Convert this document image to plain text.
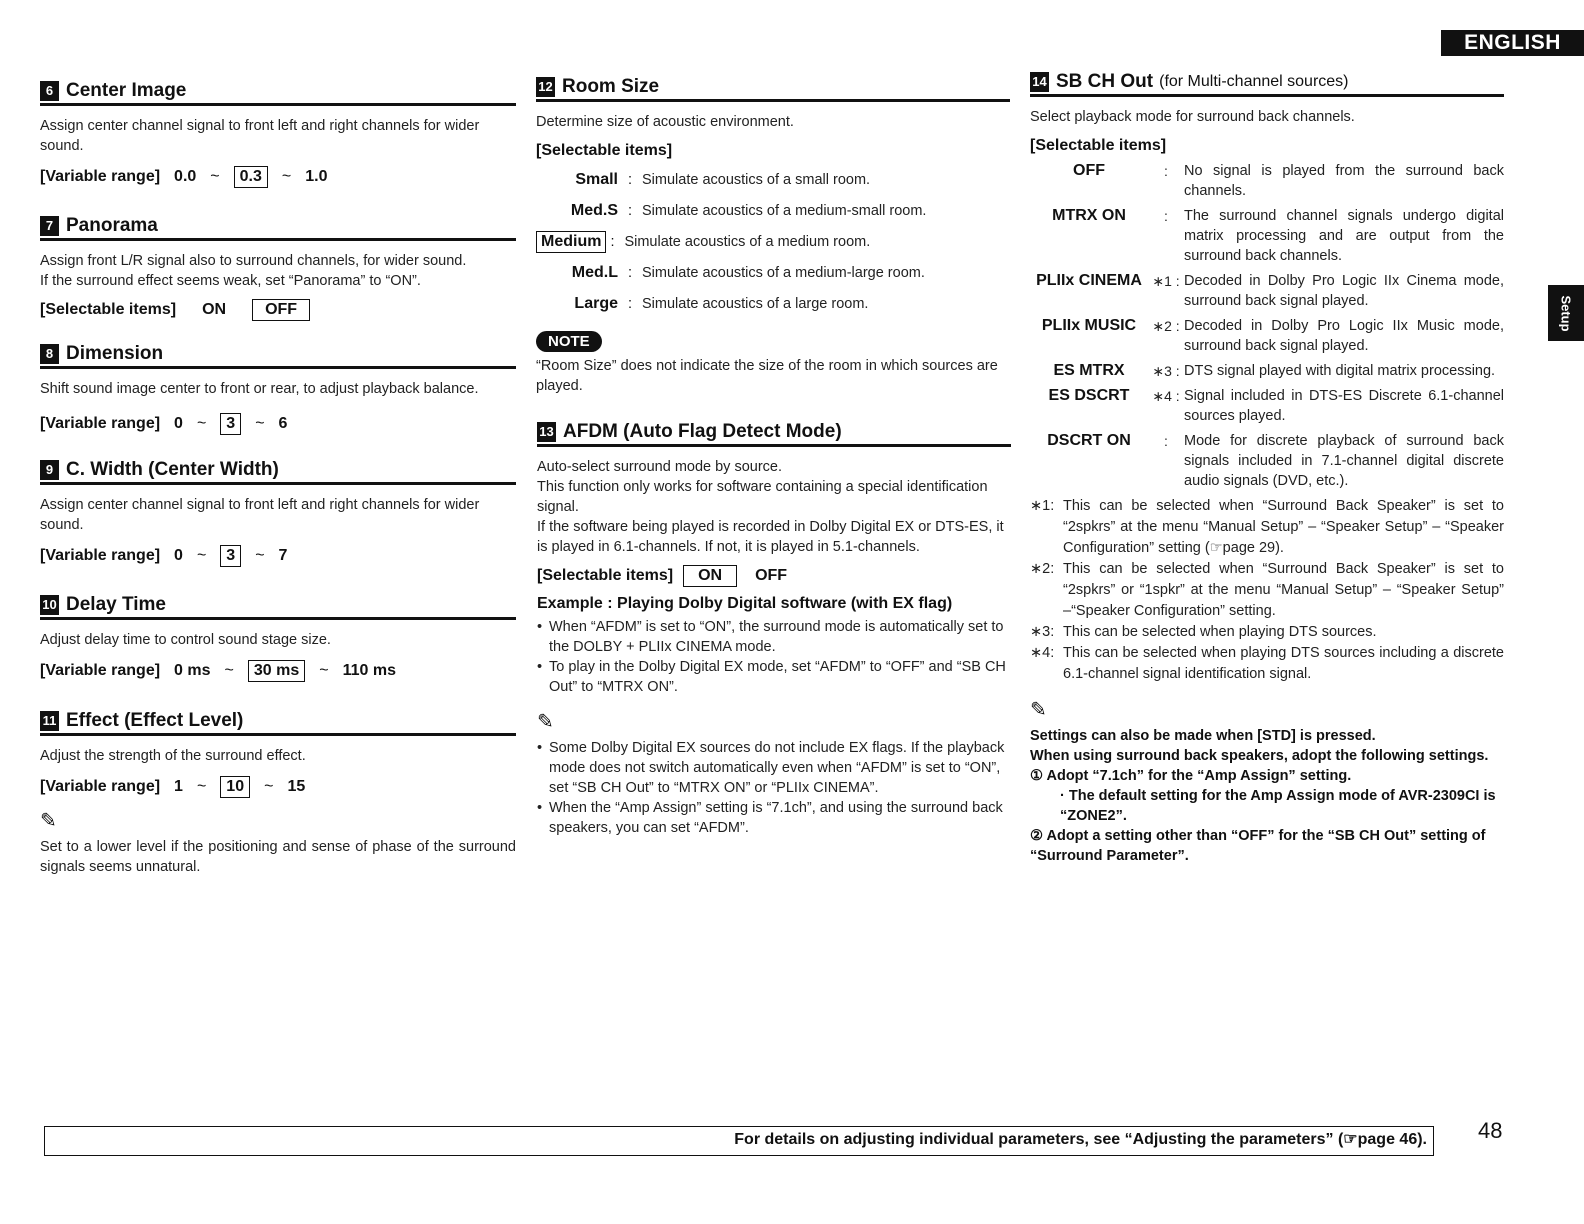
ENGLISH
Setup
6 Center Image
Assign center channel signal to front left and right channels for wider sound.
[Variable range] 0.0 ~	0.3	~ 1.0
7 Panorama
Assign front L/R signal also to surround channels, for wider sound.
If the surround effect seems weak, set “Panorama” to “ON”.
[Selectable items] ON	OFF
8 Dimension
Shift sound image center to front or rear, to adjust playback balance.
[Variable range] 0 ~	3	~ 6
9 C. Width (Center Width)
Assign center channel signal to front left and right channels for wider sound.
[Variable range] 0 ~	3	~ 7
10 Delay Time
Adjust delay time to control sound stage size.
[Variable range] 0 ms ~	30 ms	~ 110 ms
11 Effect (Effect Level)
Adjust the strength of the surround effect.
[Variable range] 1 ~	10	~ 15
✎
Set to a lower level if the positioning and sense of phase of the surround signals seems unnatural.
12 Room Size
Determine size of acoustic environment.
[Selectable items]
Small : Simulate acoustics of a small room.
Med.S : Simulate acoustics of a medium-small room.
Medium : Simulate acoustics of a medium room.
Med.L : Simulate acoustics of a medium-large room.
Large : Simulate acoustics of a large room.
NOTE
“Room Size” does not indicate the size of the room in which sources are played.
13 AFDM (Auto Flag Detect Mode)
Auto-select surround mode by source.
This function only works for software containing a special identification signal.
If the software being played is recorded in Dolby Digital EX or DTS-ES, it is played in 6.1-channels. If not, it is played in 5.1-channels.
[Selectable items]	ON	OFF
Example : Playing Dolby Digital software (with EX flag)
• When “AFDM” is set to “ON”, the surround mode is automatically set to the DOLBY + PLIIx CINEMA mode.
• To play in the Dolby Digital EX mode, set “AFDM” to “OFF” and “SB CH Out” to “MTRX ON”.
✎
• Some Dolby Digital EX sources do not include EX flags. If the playback mode does not switch automatically even when “AFDM” is set to “ON”, set “SB CH Out” to “MTRX ON” or “PLIIx CINEMA”.
• When the “Amp Assign” setting is “7.1ch”, and using the surround back speakers, you can set “AFDM”.
14 SB CH Out (for Multi-channel sources)
Select playback mode for surround back channels.
[Selectable items]
OFF	:	No signal is played from the surround back channels.
MTRX ON	:	The surround channel signals undergo digital matrix processing and are output from the surround back channels.
PLIIx CINEMA ∗1 : Decoded in Dolby Pro Logic IIx Cinema mode, surround back signal played.
PLIIx MUSIC	∗2 : Decoded in Dolby Pro Logic IIx Music mode, surround back signal played.
ES MTRX	∗3 : DTS signal played with digital matrix processing.
ES DSCRT	∗4 : Signal included in DTS-ES Discrete 6.1-channel sources played.
DSCRT ON	:	Mode for discrete playback of surround back signals included in 7.1-channel digital discrete audio signals (DVD, etc.).
∗1: This can be selected when “Surround Back Speaker” is set to “2spkrs” at the menu “Manual Setup” – “Speaker Setup” – “Speaker Configuration” setting (☞page 29).
∗2: This can be selected when “Surround Back Speaker” is set to “2spkrs” or “1spkr” at the menu “Manual Setup” – “Speaker Setup” –“Speaker Configuration” setting.
∗3: This can be selected when playing DTS sources.
∗4: This can be selected when playing DTS sources including a discrete 6.1-channel signal identification signal.
✎
Settings can also be made when [STD] is pressed.
When using surround back speakers, adopt the following settings.
① Adopt “7.1ch” for the “Amp Assign” setting.
· The default setting for the Amp Assign mode of AVR-2309CI is “ZONE2”.
② Adopt a setting other than “OFF” for the “SB CH Out” setting of “Surround Parameter”.
For details on adjusting individual parameters, see “Adjusting the parameters” (☞page 46). 48
